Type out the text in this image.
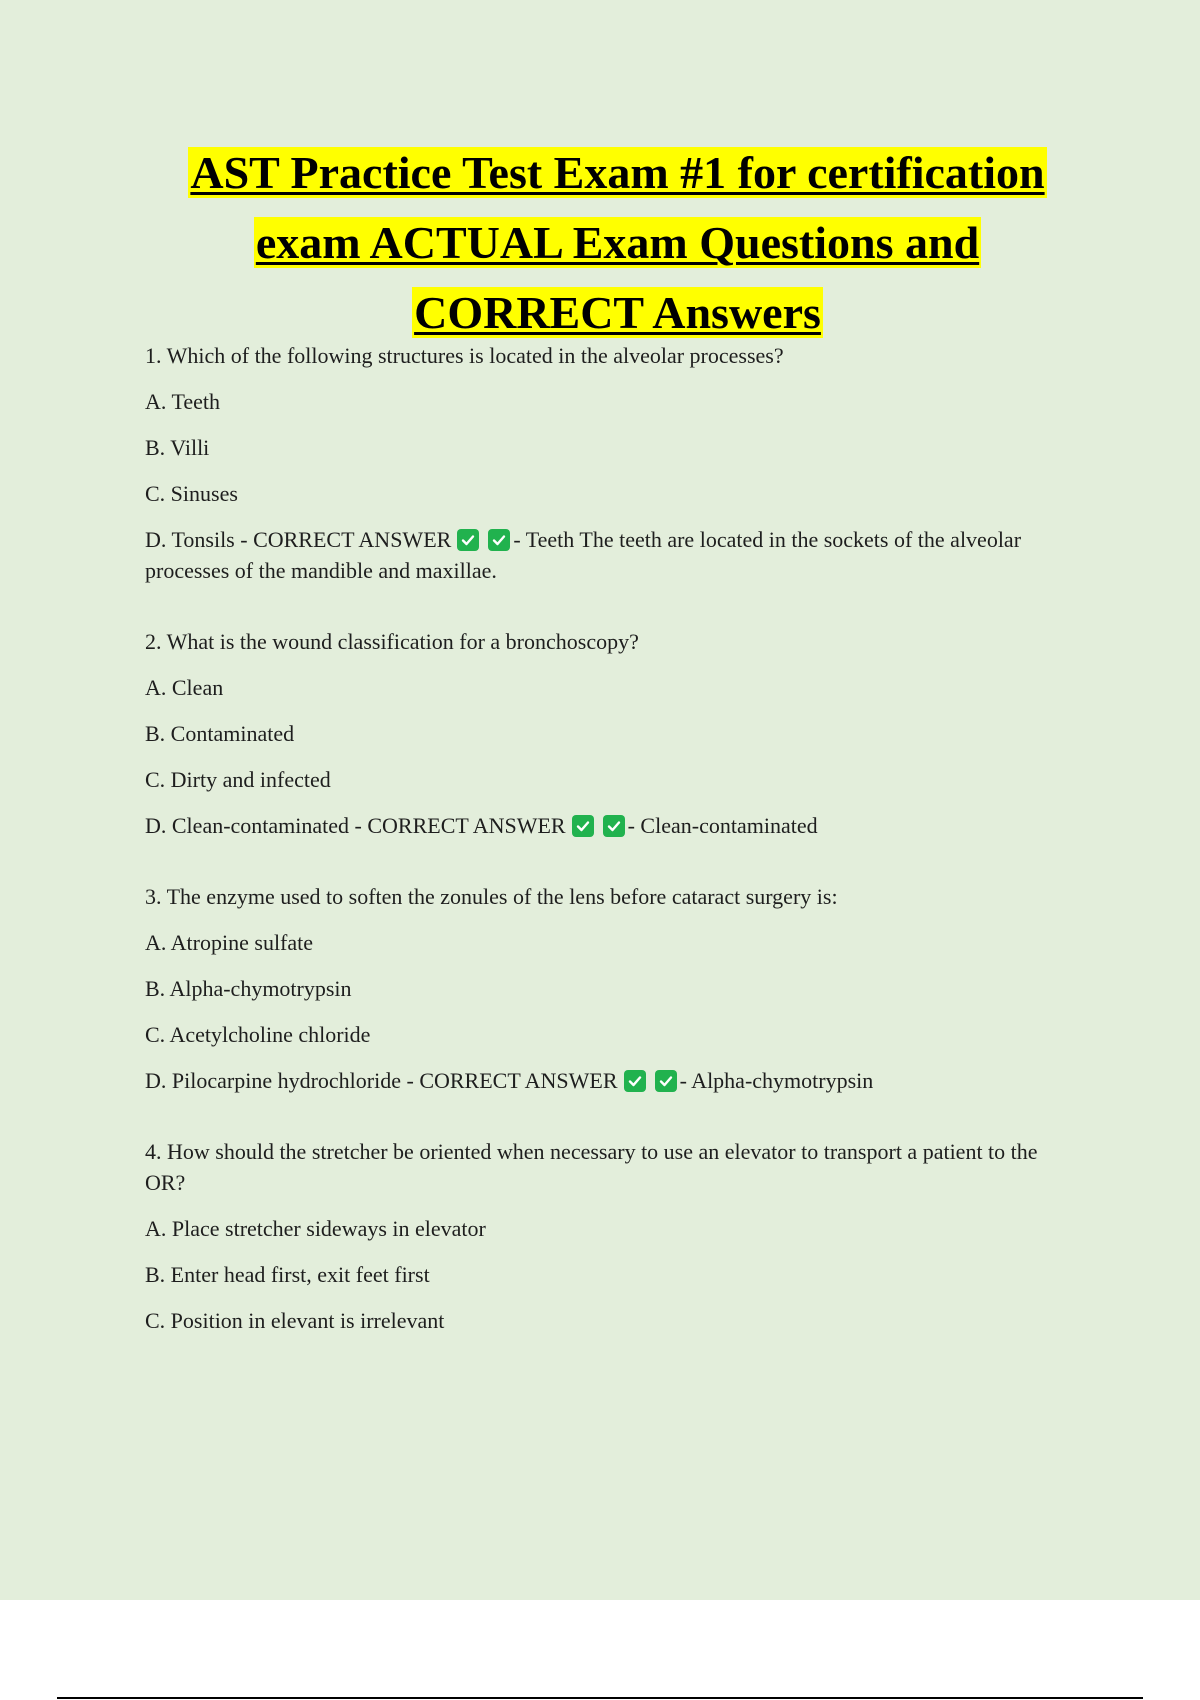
AST Practice Test Exam #1 for certification
exam ACTUAL Exam Questions and
CORRECT Answers

1. Which of the following structures is located in the alveolar processes?

A. Teeth

B. Villi

C. Sinuses

D. Tonsils - CORRECT ANSWER	- Teeth The teeth are located in the sockets of the alveolar processes of the mandible and maxillae.

2. What is the wound classification for a bronchoscopy?

A. Clean

B. Contaminated

C. Dirty and infected

D. Clean-contaminated - CORRECT ANSWER	- Clean-contaminated

3. The enzyme used to soften the zonules of the lens before cataract surgery is:

A. Atropine sulfate

B. Alpha-chymotrypsin

C. Acetylcholine chloride

D. Pilocarpine hydrochloride - CORRECT ANSWER	- Alpha-chymotrypsin

4. How should the stretcher be oriented when necessary to use an elevator to transport a patient to the OR?

A. Place stretcher sideways in elevator

B. Enter head first, exit feet first

C. Position in elevant is irrelevant
